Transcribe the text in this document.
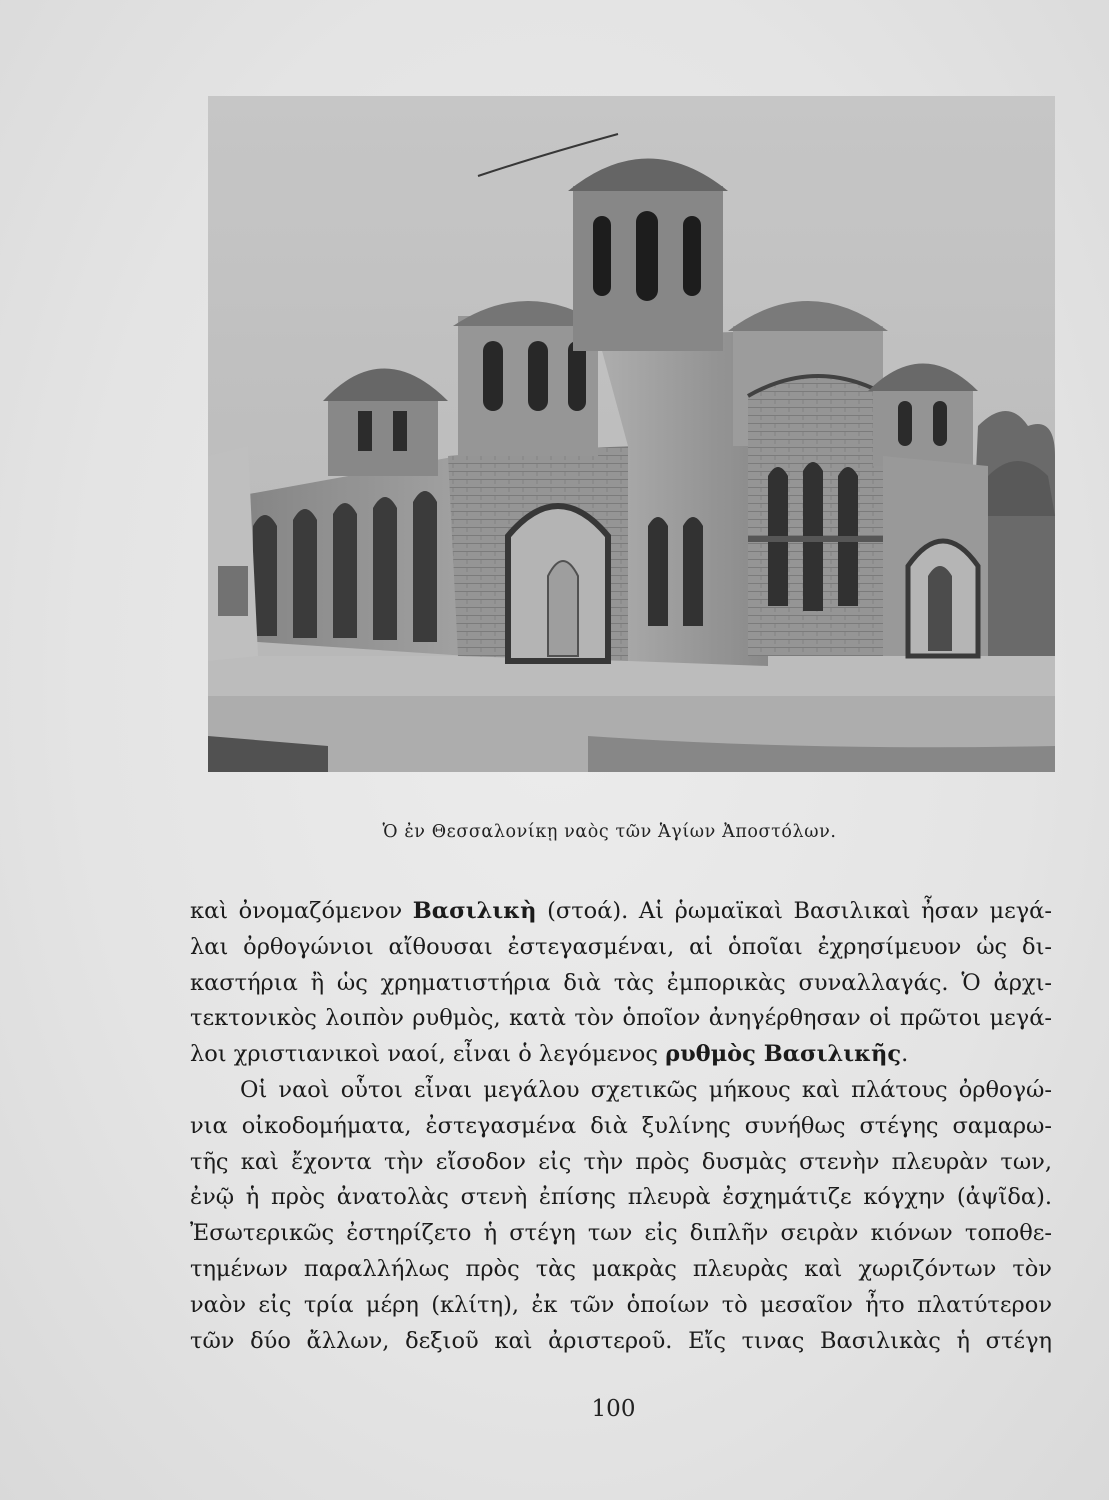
Ὁ ἐν Θεσσαλονίκῃ ναὸς τῶν Ἁγίων Ἀποστόλων.
καὶ ὀνομαζόμενον Βασιλικὴ (στοά). Αἱ ῥωμαϊκαὶ Βασιλικαὶ ἦσαν μεγά-
λαι ὀρθογώνιοι αἴθουσαι ἐστεγασμέναι, αἱ ὁποῖαι ἐχρησίμευον ὡς δι-
καστήρια ἢ ὡς χρηματιστήρια διὰ τὰς ἐμπορικὰς συναλλαγάς. Ὁ ἀρχι-
τεκτονικὸς λοιπὸν ρυθμὸς, κατὰ τὸν ὁποῖον ἀνηγέρθησαν οἱ πρῶτοι μεγά-
λοι χριστιανικοὶ ναοί, εἶναι ὁ λεγόμενος ρυθμὸς Βασιλικῆς.
Οἱ ναοὶ οὗτοι εἶναι μεγάλου σχετικῶς μήκους καὶ πλάτους ὀρθογώ-
νια οἰκοδομήματα, ἐστεγασμένα διὰ ξυλίνης συνήθως στέγης σαμαρω-
τῆς καὶ ἔχοντα τὴν εἴσοδον εἰς τὴν πρὸς δυσμὰς στενὴν πλευρὰν των,
ἐνῷ ἡ πρὸς ἀνατολὰς στενὴ ἐπίσης πλευρὰ ἐσχημάτιζε κόγχην (ἀψῖδα).
Ἐσωτερικῶς ἐστηρίζετο ἡ στέγη των εἰς διπλῆν σειρὰν κιόνων τοποθε-
τημένων παραλλήλως πρὸς τὰς μακρὰς πλευρὰς καὶ χωριζόντων τὸν
ναὸν εἰς τρία μέρη (κλίτη), ἐκ τῶν ὁποίων τὸ μεσαῖον ἦτο πλατύτερον
τῶν δύο ἄλλων, δεξιοῦ καὶ ἀριστεροῦ. Εἴς τινας Βασιλικὰς ἡ στέγη
100
